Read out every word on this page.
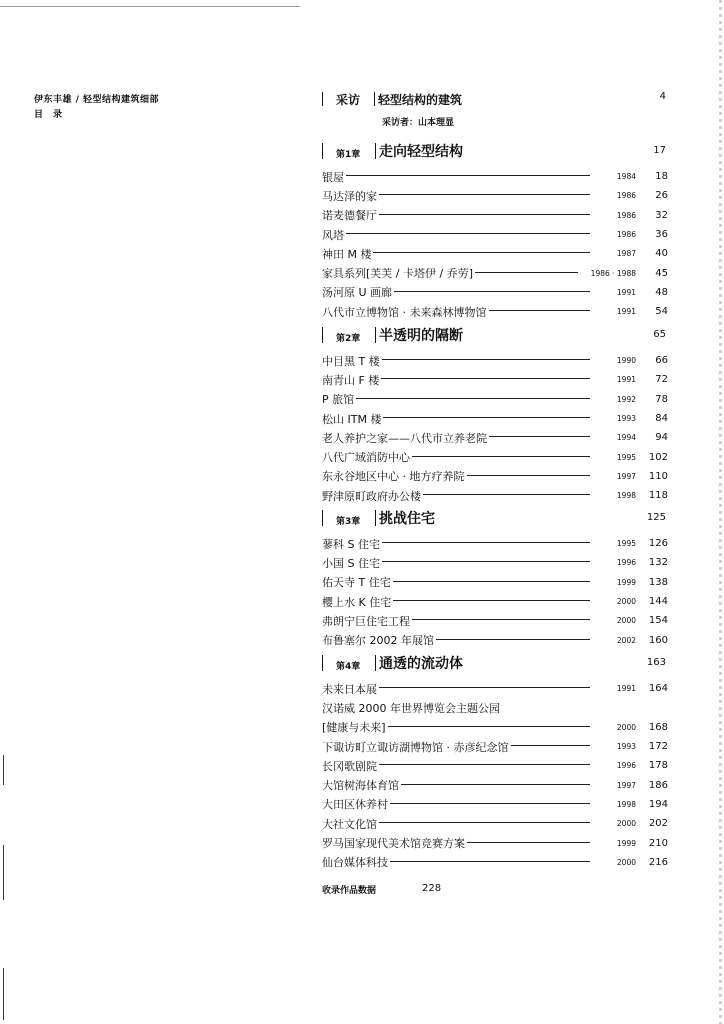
伊东丰雄 / 轻型结构建筑细部
目　录
采访 轻型结构的建筑	4
采访者：山本理显
第1章 走向轻型结构	17
银屋	1984	18
马达泽的家	1986	26
诺麦德餐厅	1986	32
风塔	1986	36
神田 M 楼	1987	40
家具系列[芙芙 / 卡塔伊 / 乔劳]	1986 · 1988	45
汤河原 U 画廊	1991	48
八代市立博物馆 · 未来森林博物馆	1991	54
第2章 半透明的隔断	65
中目黑 T 楼	1990	66
南青山 F 楼	1991	72
P 旅馆	1992	78
松山 ITM 楼	1993	84
老人养护之家——八代市立养老院	1994	94
八代广域消防中心	1995	102
东永谷地区中心 · 地方疗养院	1997	110
野津原町政府办公楼	1998	118
第3章 挑战住宅	125
蓼科 S 住宅	1995	126
小国 S 住宅	1996	132
佑天寺 T 住宅	1999	138
樱上水 K 住宅	2000	144
弗朗宁巨住宅工程	2000	154
布鲁塞尔 2002 年展馆	2002	160
第4章 通透的流动体	163
未来日本展	1991	164
汉诺威 2000 年世界博览会主题公园
[健康与未来]	2000	168
下诹访町立诹访湖博物馆 · 赤彦纪念馆	1993	172
长冈歌剧院	1996	178
大馆树海体育馆	1997	186
大田区休养村	1998	194
大社文化馆	2000	202
罗马国家现代美术馆竞赛方案	1999	210
仙台媒体科技	2000	216
收录作品数据	228
